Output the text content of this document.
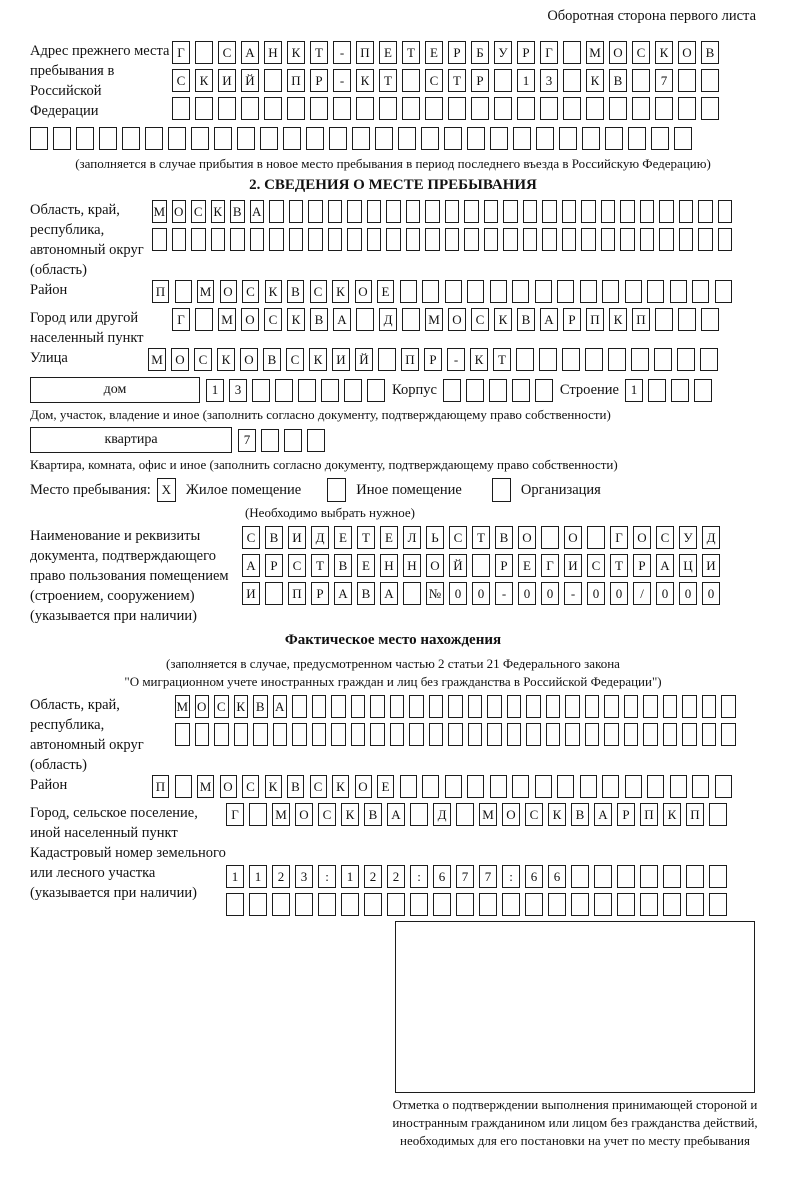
Оборотная сторона первого листа
Адрес прежнего места пребывания в Российской Федерации
Г	С А Н К Т - П Е Т Е Р Б У Р Г	М О С К О В
С К И Й	П Р - К Т	С Т Р	1 3	К В	7
(заполняется в случае прибытия в новое место пребывания в период последнего въезда в Российскую Федерацию)
2. СВЕДЕНИЯ О МЕСТЕ ПРЕБЫВАНИЯ
Область, край, республика, автономный округ (область)
М О С К В А
Район	П	М О С К В С К О Е
Город или другой населенный пункт
Г	М О С К В А	Д	М О С К В А Р П К П
Улица	М О С К О В С К И Й	П Р - К Т
дом	1 3	Корпус	Строение 1
Дом, участок, владение и иное (заполнить согласно документу, подтверждающему право собственности)
квартира	7
Квартира, комната, офис и иное (заполнить согласно документу, подтверждающему право собственности)
Место пребывания: X	Жилое помещение	Иное помещение	Организация
(Необходимо выбрать нужное)
Наименование и реквизиты документа, подтверждающего право пользования помещением (строением, сооружением) (указывается при наличии)
С В И Д Е Т Е Л Ь С Т В О	О	Г О С У Д
А Р С Т В Е Н Н О Й	Р Е Г И С Т Р А Ц И
И	П Р А В А	№ 0 0 - 0 0 - 0 0 / 0 0 0
Фактическое место нахождения
(заполняется в случае, предусмотренном частью 2 статьи 21 Федерального закона
"О миграционном учете иностранных граждан и лиц без гражданства в Российской Федерации")
Область, край, республика, автономный округ (область)
М О С К В А
Район	П	М О С К В С К О Е
Город, сельское поселение, иной населенный пункт
Г	М О С К В А	Д	М О С К В А Р П К П
Кадастровый номер земельного или лесного участка (указывается при наличии)
1 1 2 3 : 1 2 2 : 6 7 7 : 6 6
Отметка о подтверждении выполнения принимающей стороной и иностранным гражданином или лицом без гражданства действий, необходимых для его постановки на учет по месту пребывания
